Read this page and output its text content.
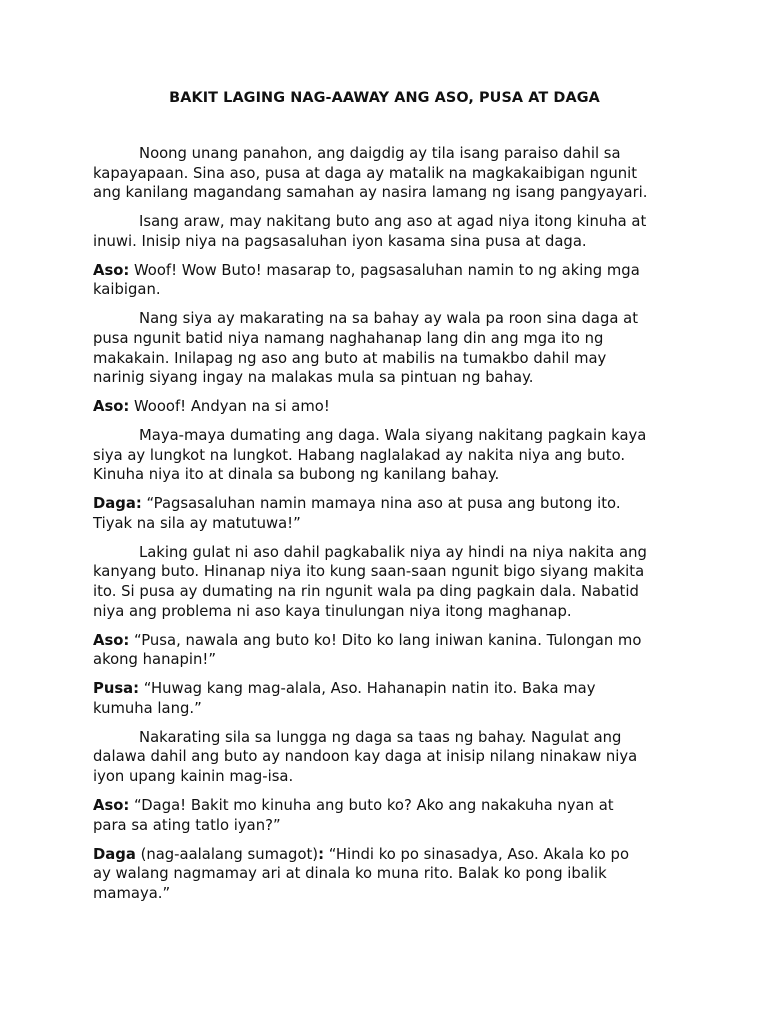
BAKIT LAGING NAG-AAWAY ANG ASO, PUSA AT DAGA
Noong unang panahon, ang daigdig ay tila isang paraiso dahil sa
kapayapaan. Sina aso, pusa at daga ay matalik na magkakaibigan ngunit
ang kanilang magandang samahan ay nasira lamang ng isang pangyayari.
Isang araw, may nakitang buto ang aso at agad niya itong kinuha at
inuwi. Inisip niya na pagsasaluhan iyon kasama sina pusa at daga.
Aso: Woof! Wow Buto! masarap to, pagsasaluhan namin to ng aking mga
kaibigan.
Nang siya ay makarating na sa bahay ay wala pa roon sina daga at
pusa ngunit batid niya namang naghahanap lang din ang mga ito ng
makakain. Inilapag ng aso ang buto at mabilis na tumakbo dahil may
narinig siyang ingay na malakas mula sa pintuan ng bahay.
Aso: Wooof! Andyan na si amo!
Maya-maya dumating ang daga. Wala siyang nakitang pagkain kaya
siya ay lungkot na lungkot. Habang naglalakad ay nakita niya ang buto.
Kinuha niya ito at dinala sa bubong ng kanilang bahay.
Daga: “Pagsasaluhan namin mamaya nina aso at pusa ang butong ito.
Tiyak na sila ay matutuwa!”
Laking gulat ni aso dahil pagkabalik niya ay hindi na niya nakita ang
kanyang buto. Hinanap niya ito kung saan-saan ngunit bigo siyang makita
ito. Si pusa ay dumating na rin ngunit wala pa ding pagkain dala. Nabatid
niya ang problema ni aso kaya tinulungan niya itong maghanap.
Aso: “Pusa, nawala ang buto ko! Dito ko lang iniwan kanina. Tulongan mo
akong hanapin!”
Pusa: “Huwag kang mag-alala, Aso. Hahanapin natin ito. Baka may
kumuha lang.”
Nakarating sila sa lungga ng daga sa taas ng bahay. Nagulat ang
dalawa dahil ang buto ay nandoon kay daga at inisip nilang ninakaw niya
iyon upang kainin mag-isa.
Aso: “Daga! Bakit mo kinuha ang buto ko? Ako ang nakakuha nyan at
para sa ating tatlo iyan?”
Daga (nag-aalalang sumagot): “Hindi ko po sinasadya, Aso. Akala ko po
ay walang nagmamay ari at dinala ko muna rito. Balak ko pong ibalik
mamaya.”
